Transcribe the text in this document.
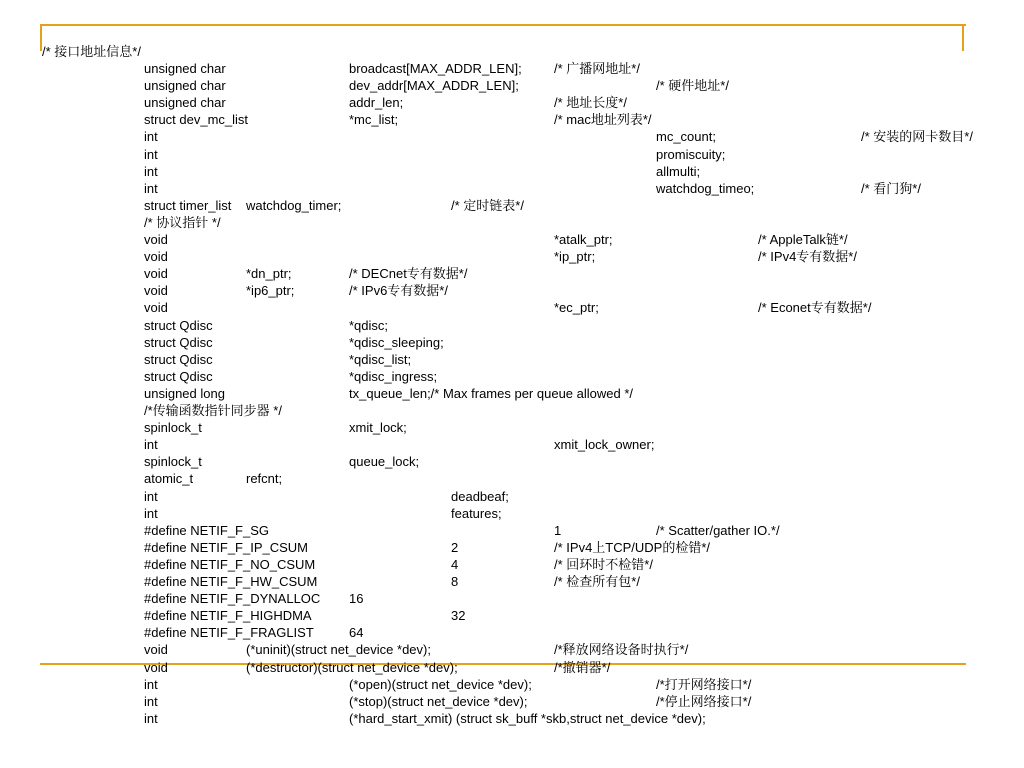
/* 接口地址信息*/
unsigned char	broadcast[MAX_ADDR_LEN]; /* 广播网地址*/
unsigned char	dev_addr[MAX_ADDR_LEN];	/* 硬件地址*/
unsigned char	addr_len;	/* 地址长度*/
struct dev_mc_list	*mc_list;	/* mac地址列表*/
int	mc_count;	/* 安装的网卡数目*/
int	promiscuity;
int	allmulti;
int	watchdog_timeo;	/* 看门狗*/
struct timer_list watchdog_timer;	/* 定时链表*/
/* 协议指针 */
void	*atalk_ptr;	/* AppleTalk链*/
void	*ip_ptr;	/* IPv4专有数据*/
void	*dn_ptr;	/* DECnet专有数据*/
void	*ip6_ptr;	/* IPv6专有数据*/
void	*ec_ptr;	/* Econet专有数据*/
struct Qdisc	*qdisc;
struct Qdisc	*qdisc_sleeping;
struct Qdisc	*qdisc_list;
struct Qdisc	*qdisc_ingress;
unsigned long	tx_queue_len;/* Max frames per queue allowed */
/*传输函数指针同步器 */
spinlock_t	xmit_lock;
int	xmit_lock_owner;
spinlock_t	queue_lock;
atomic_t	refcnt;
int	deadbeaf;
int	features;
#define NETIF_F_SG	1	/* Scatter/gather IO.*/
#define NETIF_F_IP_CSUM	2	/* IPv4上TCP/UDP的检错*/
#define NETIF_F_NO_CSUM	4	/* 回环时不检错*/
#define NETIF_F_HW_CSUM	8	/* 检查所有包*/
#define NETIF_F_DYNALLOC 16
#define NETIF_F_HIGHDMA	32
#define NETIF_F_FRAGLIST	64
void	(*uninit)(struct net_device *dev);	/*释放网络设备时执行*/
void	(*destructor)(struct net_device *dev);	/*撤销器*/
int	(*open)(struct net_device *dev);	/*打开网络接口*/
int	(*stop)(struct net_device *dev);	/*停止网络接口*/
int	(*hard_start_xmit) (struct sk_buff *skb,struct net_device *dev);
